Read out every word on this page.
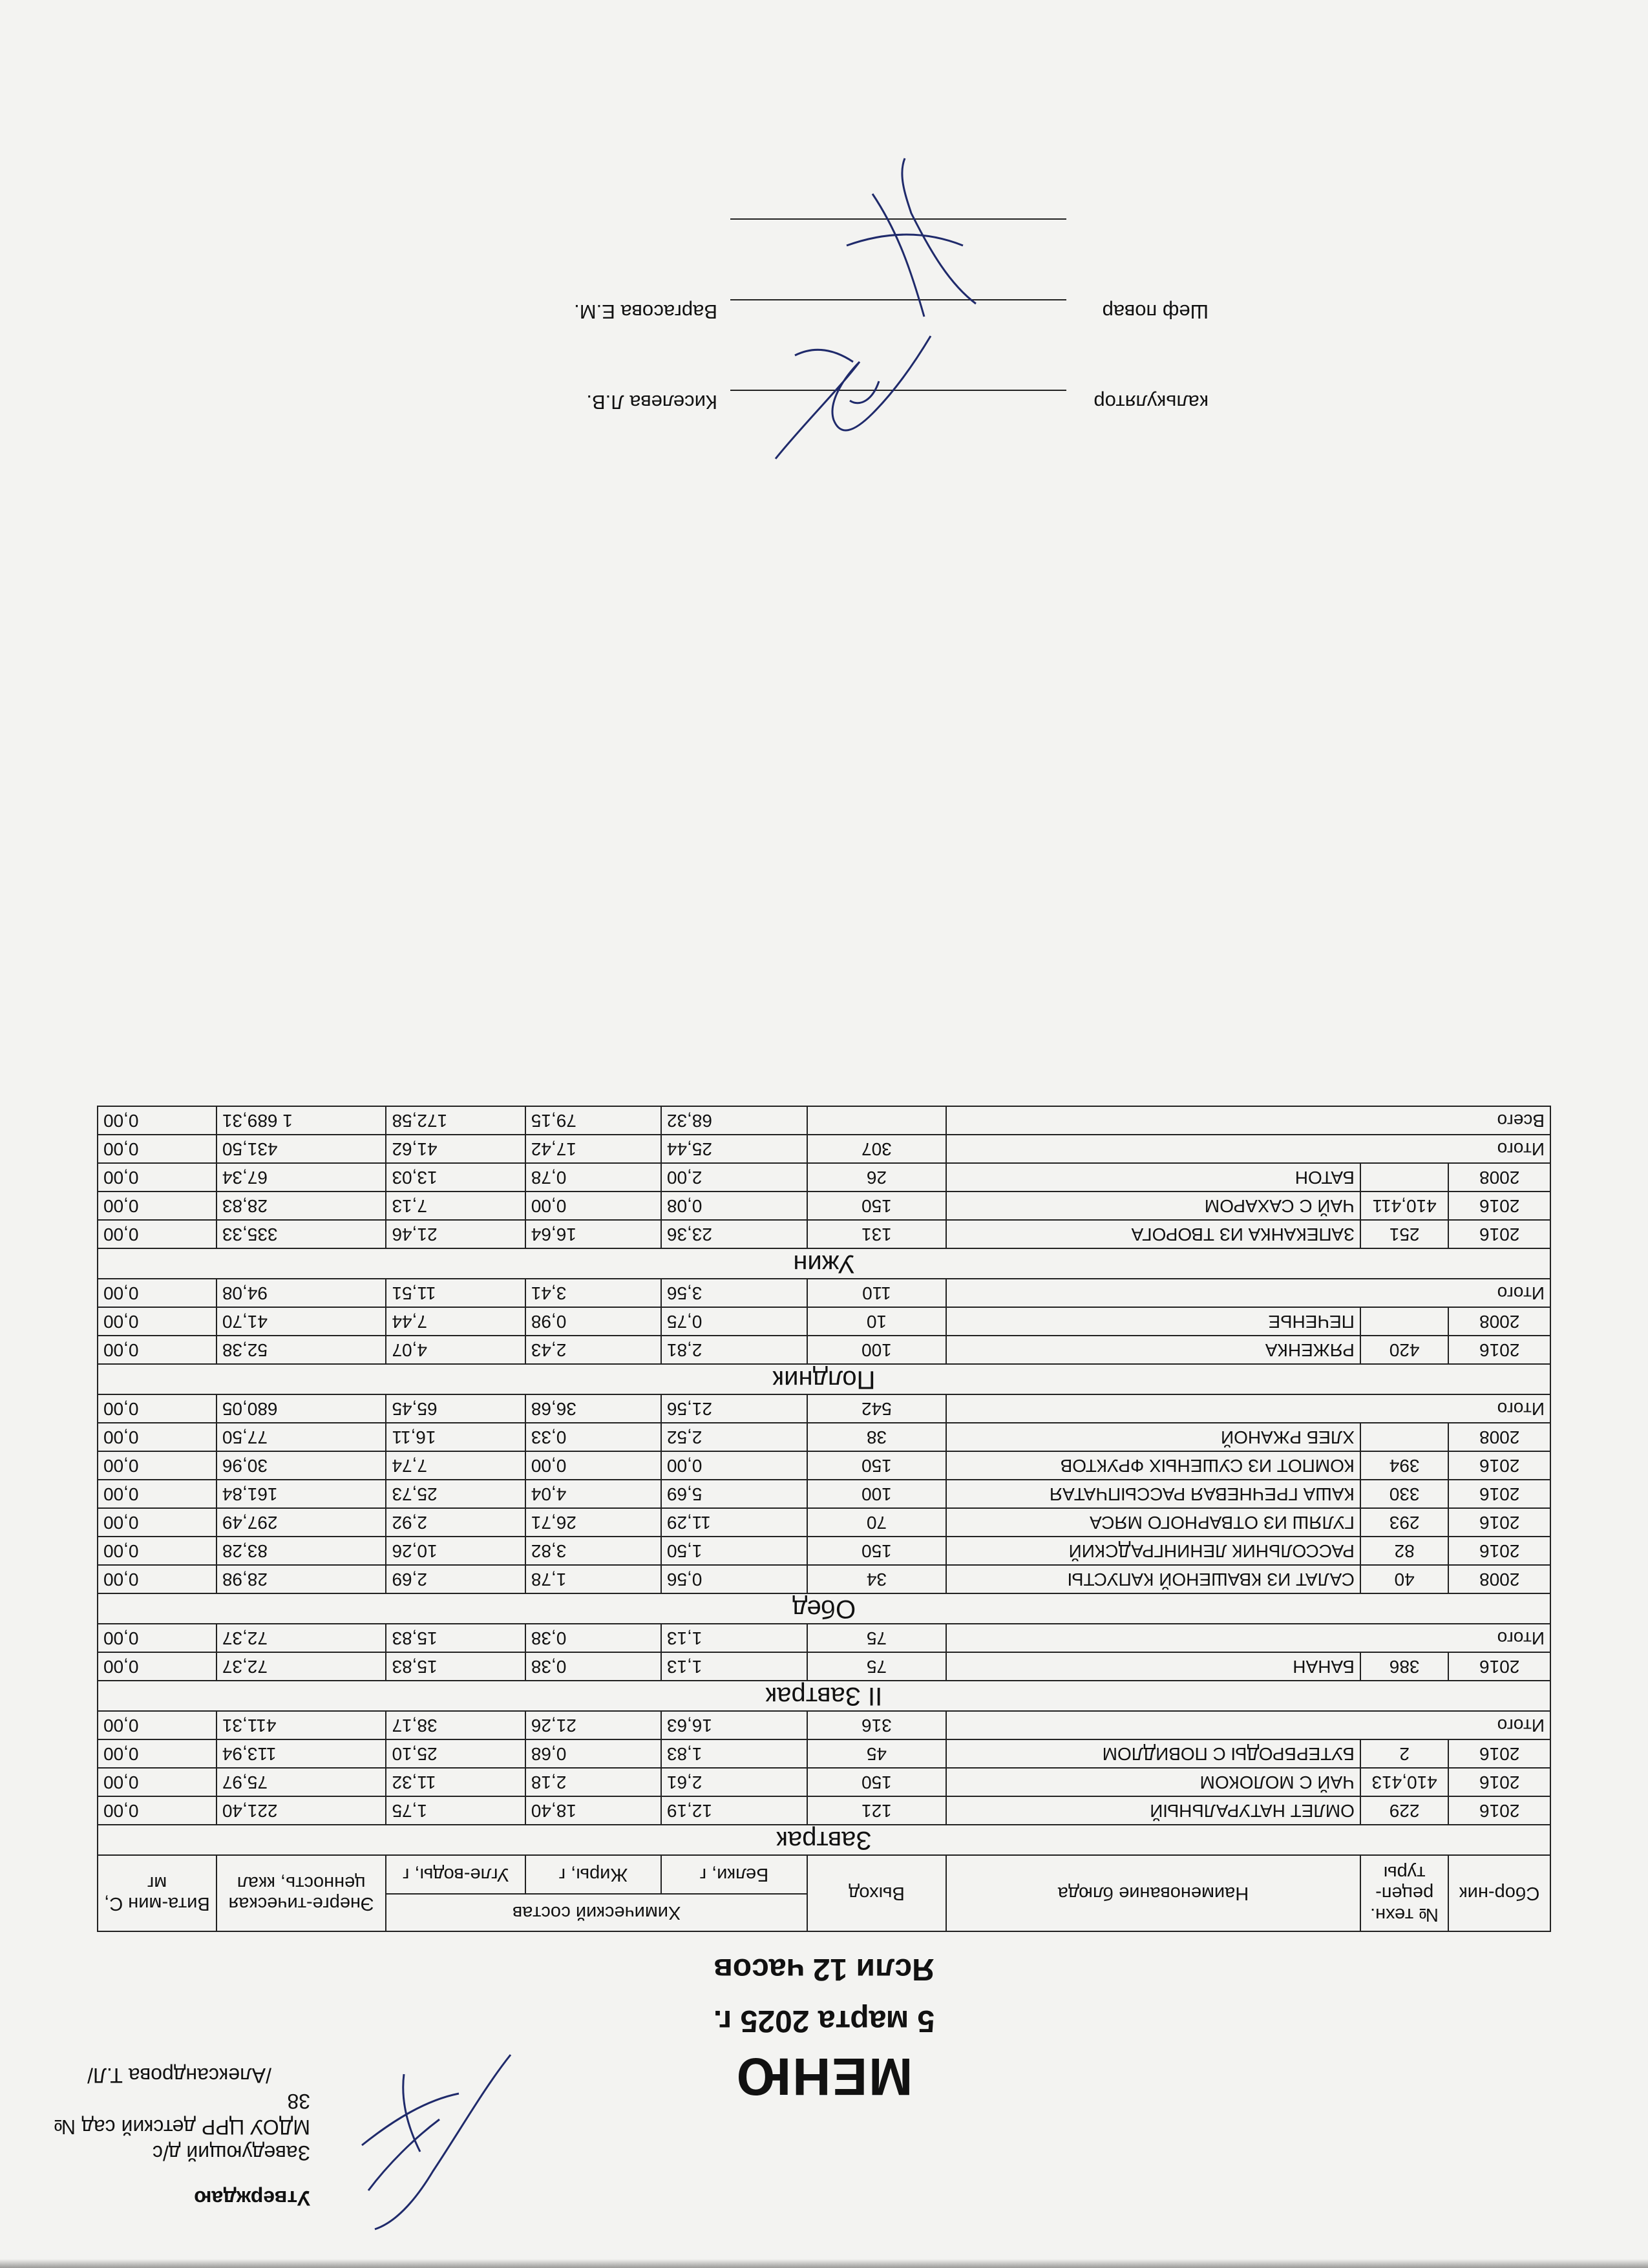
Утверждаю
Заведующий д/с
МДОУ ЦРР детский сад № 38
/Александрова Т.Л/	МЕНЮ
5 марта 2025 г.
Ясли 12 часов
Сбор-ник	№ техн. рецеп-туры	Наименование блюда	Выход	Химический состав			Энерге-тическая ценность, ккал	Вита-мин С, мг
				Белки, г	Жиры, г	Угле-воды, г		
Завтрак								
2016	229	ОМЛЕТ НАТУРАЛЬНЫЙ	121	12,19	18,40	1,75	221,40	0,00
2016	410,413	ЧАЙ С МОЛОКОМ	150	2,61	2,18	11,32	75,97	0,00
2016	2	БУТЕРБРОДЫ С ПОВИДЛОМ	45	1,83	0,68	25,10	113,94	0,00
Итого			316	16,63	21,26	38,17	411,31	0,00
II Завтрак								
2016	386	БАНАН	75	1,13	0,38	15,83	72,37	0,00
Итого			75	1,13	0,38	15,83	72,37	0,00
Обед								
2008	40	САЛАТ ИЗ КВАШЕНОЙ КАПУСТЫ	34	0,56	1,78	2,69	28,98	0,00
2016	82	РАССОЛЬНИК ЛЕНИНГРАДСКИЙ	150	1,50	3,82	10,26	83,28	0,00
2016	293	ГУЛЯШ ИЗ ОТВАРНОГО МЯСА	70	11,29	26,71	2,92	297,49	0,00
2016	330	КАША ГРЕЧНЕВАЯ РАССЫПЧАТАЯ	100	5,69	4,04	25,73	161,84	0,00
2016	394	КОМПОТ ИЗ СУШЕНЫХ ФРУКТОВ	150	0,00	0,00	7,74	30,96	0,00
2008		ХЛЕБ РЖАНОЙ	38	2,52	0,33	16,11	77,50	0,00
Итого			542	21,56	36,68	65,45	680,05	0,00
Полдник								
2016	420	РЯЖЕНКА	100	2,81	2,43	4,07	52,38	0,00
2008		ПЕЧЕНЬЕ	10	0,75	0,98	7,44	41,70	0,00
Итого			110	3,56	3,41	11,51	94,08	0,00
Ужин								
2016	251	ЗАПЕКАНКА ИЗ ТВОРОГА	131	23,36	16,64	21,46	335,33	0,00
2016	410,411	ЧАЙ С САХАРОМ	150	0,08	0,00	7,13	28,83	0,00
2008		БАТОН	26	2,00	0,78	13,03	67,34	0,00
Итого			307	25,44	17,42	41,62	431,50	0,00
Всего				68,32	79,15	172,58	1 689,31	0,00
калькулятор
Киселева Л.В.
Шеф повар
Варгасова Е.М.
